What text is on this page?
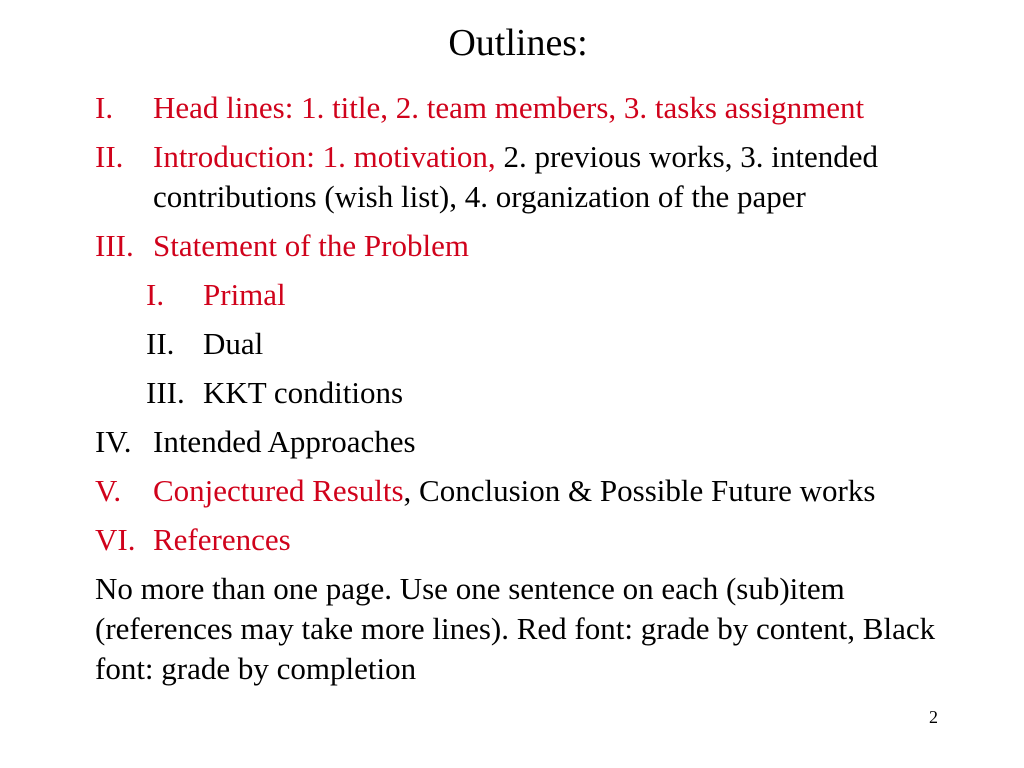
Outlines:
I.	Head lines: 1. title, 2. team members, 3. tasks assignment
II. Introduction: 1. motivation, 2. previous works, 3. intended contributions (wish list), 4. organization of the paper
III. Statement of the Problem
I.	Primal
II. Dual
III. KKT conditions
IV. Intended Approaches
V.	Conjectured Results, Conclusion & Possible Future works
VI. References
No more than one page. Use one sentence on each (sub)item (references may take more lines). Red font: grade by content, Black font: grade by completion
2
